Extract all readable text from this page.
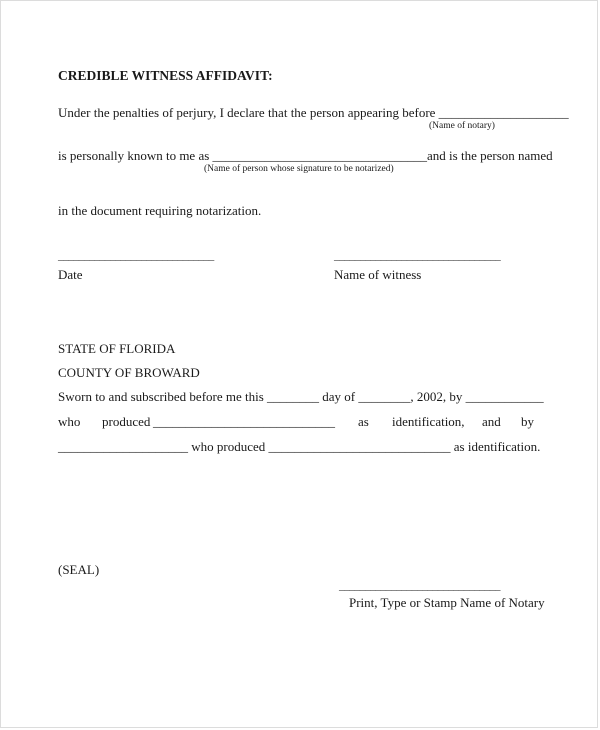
CREDIBLE WITNESS AFFIDAVIT:
Under the penalties of perjury, I declare that the person appearing before ____________________
(Name of notary)
is personally known to me as _________________________________and is the person named
(Name of person whose signature to be notarized)
in the document requiring notarization.
______________________________
Date
________________________________
Name of witness
STATE OF FLORIDA
COUNTY OF BROWARD
Sworn to and subscribed before me this ________ day of ________, 2002, by ____________
who produced ____________________________ as identification, and by
____________________ who produced ____________________________ as identification.
(SEAL)
_______________________________
Print, Type or Stamp Name of Notary
